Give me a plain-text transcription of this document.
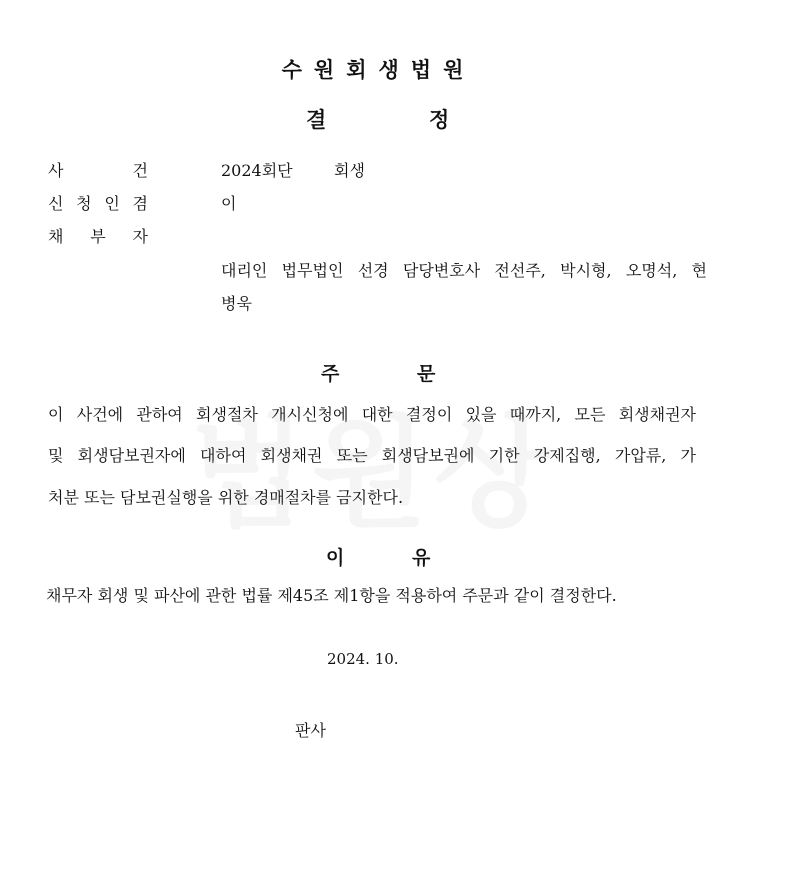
수원회생법원
결	정
사	건	2024회단	회생
신 청 인 겸	이
채 부 자
대리인 법무법인 선경 담당변호사 전선주, 박시형, 오명석, 현
병욱
주	문
이 사건에 관하여 회생절차 개시신청에 대한 결정이 있을 때까지, 모든 회생채권자
및 회생담보권자에 대하여 회생채권 또는 회생담보권에 기한 강제집행, 가압류, 가
처분 또는 담보권실행을 위한 경매절차를 금지한다.
이	유
채무자 회생 및 파산에 관한 법률 제45조 제1항을 적용하여 주문과 같이 결정한다.
2024. 10.
판사
